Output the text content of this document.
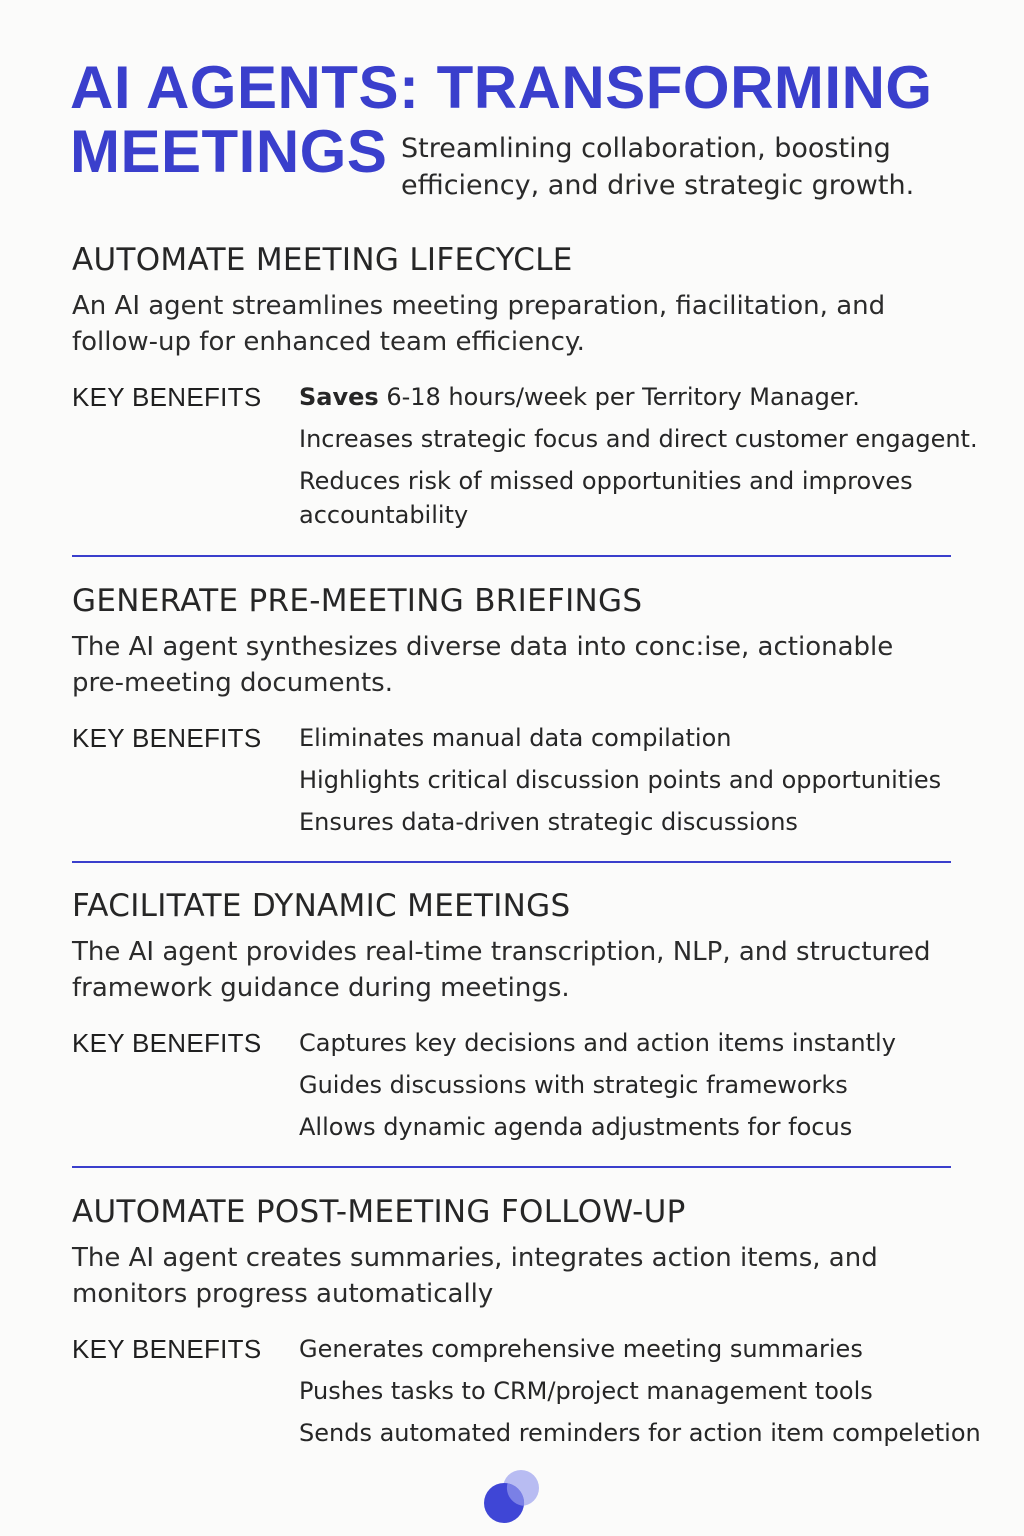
AI AGENTS: TRANSFORMING
MEETINGS Streamlining collaboration, boosting efficiency, and drive strategic growth.
AUTOMATE MEETING LIFECYCLE
An AI agent streamlines meeting preparation, fiacilitation, and follow-up for enhanced team efficiency.
KEY BENEFITS Saves 6-18 hours/week per Territory Manager.
Increases strategic focus and direct customer engagent.
Reduces risk of missed opportunities and improves accountability
GENERATE PRE-MEETING BRIEFINGS
The AI agent synthesizes diverse data into conc:ise, actionable pre-meeting documents.
KEY BENEFITS Eliminates manual data compilation
Highlights critical discussion points and opportunities
Ensures data-driven strategic discussions
FACILITATE DYNAMIC MEETINGS
The AI agent provides real-time transcription, NLP, and structured framework guidance during meetings.
KEY BENEFITS Captures key decisions and action items instantly
Guides discussions with strategic frameworks
Allows dynamic agenda adjustments for focus
AUTOMATE POST-MEETING FOLLOW-UP
The AI agent creates summaries, integrates action items, and monitors progress automatically
KEY BENEFITS Generates comprehensive meeting summaries
Pushes tasks to CRM/project management tools
Sends automated reminders for action item compeletion
